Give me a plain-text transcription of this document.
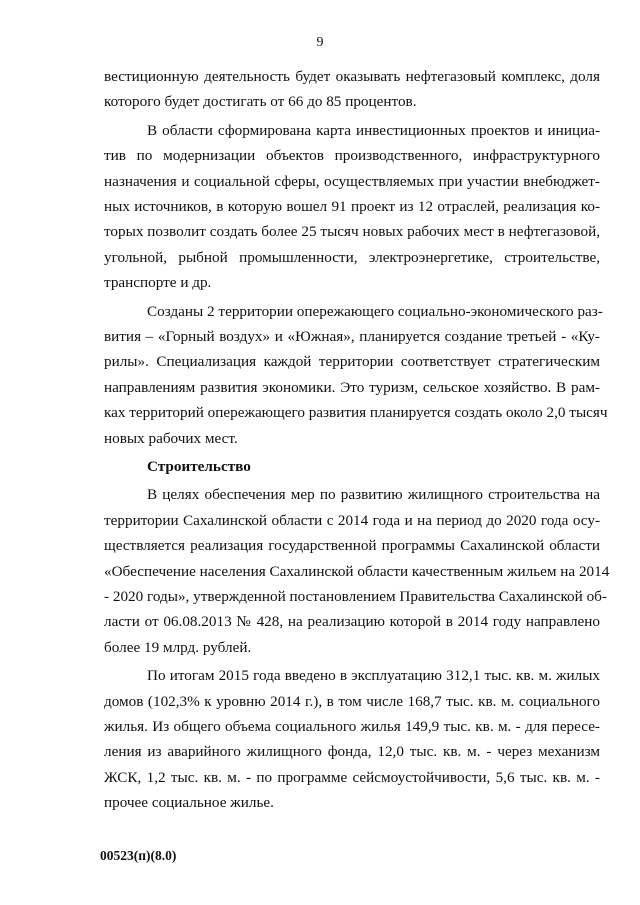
9
вестиционную деятельность будет оказывать нефтегазовый комплекс, доля
которого будет достигать от 66 до 85 процентов.
В области сформирована карта инвестиционных проектов и инициа-
тив по модернизации объектов производственного, инфраструктурного
назначения и социальной сферы, осуществляемых при участии внебюджет-
ных источников, в которую вошел 91 проект из 12 отраслей, реализация ко-
торых позволит создать более 25 тысяч новых рабочих мест в нефтегазовой,
угольной, рыбной промышленности, электроэнергетике, строительстве,
транспорте и др.
Созданы 2 территории опережающего социально-экономического раз-
вития – «Горный воздух» и «Южная», планируется создание третьей - «Ку-
рилы». Специализация каждой территории соответствует стратегическим
направлениям развития экономики. Это туризм, сельское хозяйство. В рам-
ках территорий опережающего развития планируется создать около 2,0 тысяч
новых рабочих мест.
Строительство
В целях обеспечения мер по развитию жилищного строительства на
территории Сахалинской области с 2014 года и на период до 2020 года осу-
ществляется реализация государственной программы Сахалинской области
«Обеспечение населения Сахалинской области качественным жильем на 2014
- 2020 годы», утвержденной постановлением Правительства Сахалинской об-
ласти от 06.08.2013 № 428, на реализацию которой в 2014 году направлено
более 19 млрд. рублей.
По итогам 2015 года введено в эксплуатацию 312,1 тыс. кв. м. жилых
домов (102,3% к уровню 2014 г.), в том числе 168,7 тыс. кв. м. социального
жилья. Из общего объема социального жилья 149,9 тыс. кв. м. - для пересе-
ления из аварийного жилищного фонда, 12,0 тыс. кв. м. - через механизм
ЖСК, 1,2 тыс. кв. м. - по программе сейсмоустойчивости, 5,6 тыс. кв. м. -
прочее социальное жилье.
00523(п)(8.0)
